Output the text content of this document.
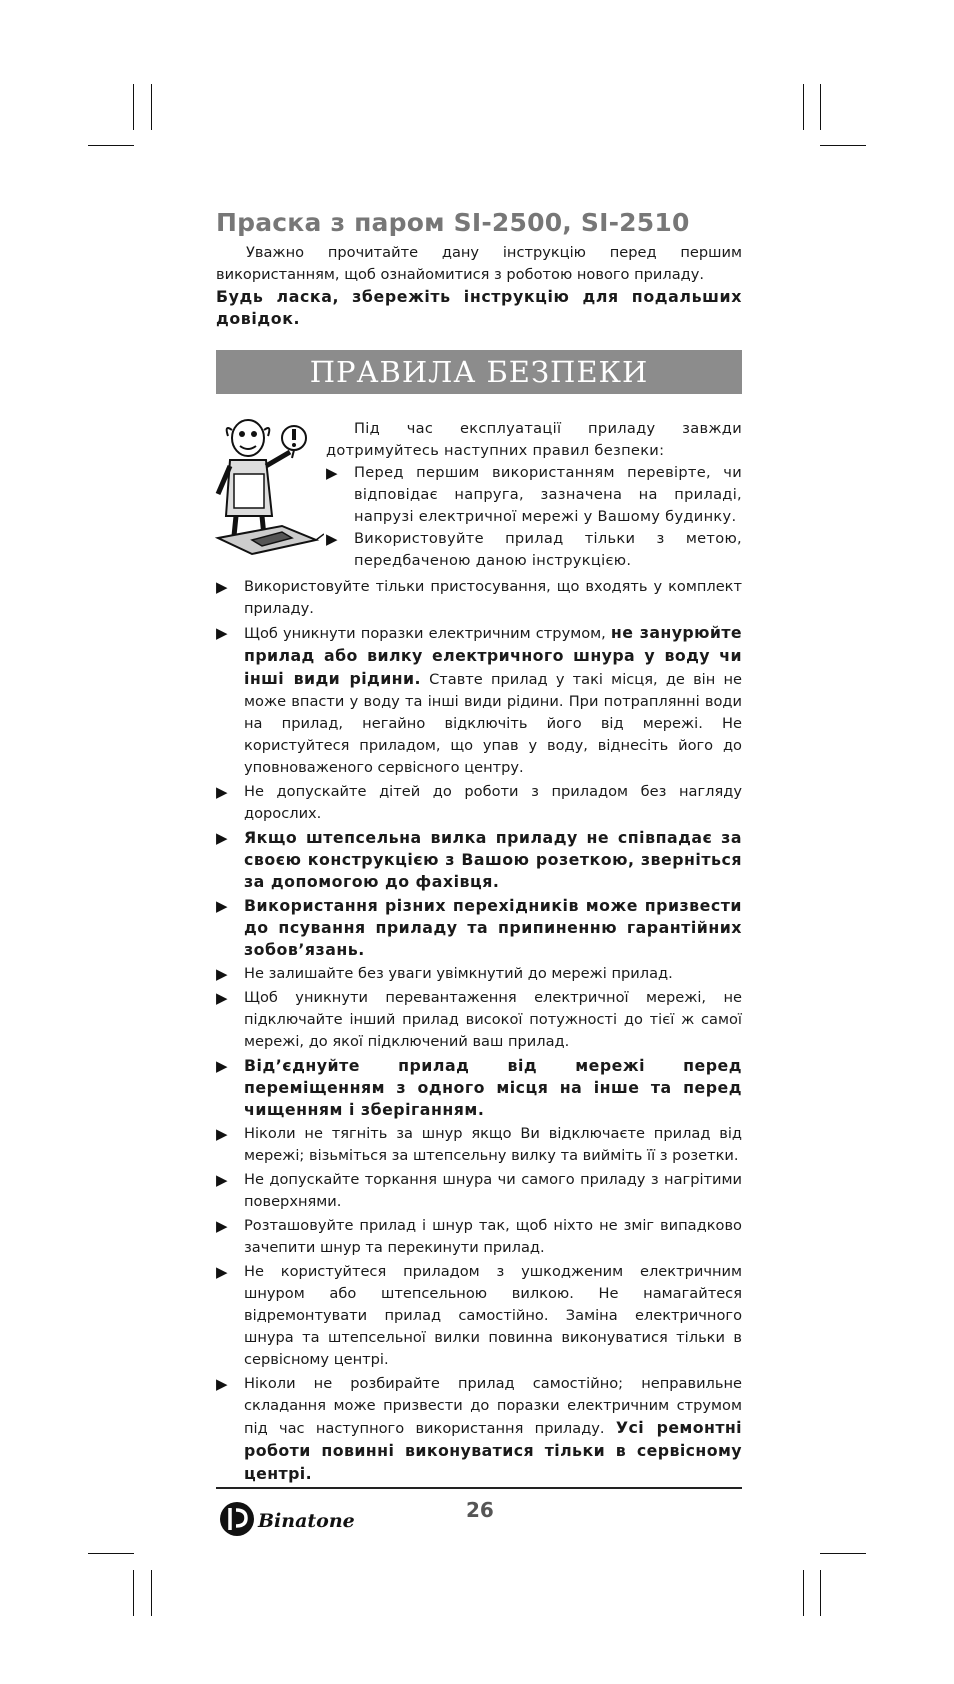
Праска з паром SI-2500, SI-2510

Уважно прочитайте дану інструкцію перед першим використанням, щоб ознайомитися з роботою нового приладу.

Будь ласка, збережіть інструкцію для подальших довідок.

ПРАВИЛА БЕЗПЕКИ

Під час експлуатації приладу завжди дотримуйтесь наступних правил безпеки:

▶ Перед першим використанням перевірте, чи відповідає напруга, зазначена на приладі, напрузі електричної мережі у Вашому будинку.
▶ Використовуйте прилад тільки з метою, передбаченою даною інструкцією.
▶ Використовуйте тільки пристосування, що входять у комплект приладу.
▶ Щоб уникнути поразки електричним струмом, не занурюйте прилад або вилку електричного шнура у воду чи інші види рідини. Ставте прилад у такі місця, де він не може впасти у воду та інші види рідини. При потраплянні води на прилад, негайно відключіть його від мережі. Не користуйтеся приладом, що упав у воду, віднесіть його до уповноваженого сервісного центру.
▶ Не допускайте дітей до роботи з приладом без нагляду дорослих.
▶ Якщо штепсельна вилка приладу не співпадає за своєю конструкцією з Вашою розеткою, зверніться за допомогою до фахівця.
▶ Використання різних перехідників може призвести до псування приладу та припиненню гарантійних зобов’язань.
▶ Не залишайте без уваги увімкнутий до мережі прилад.
▶ Щоб уникнути перевантаження електричної мережі, не підключайте інший прилад високої потужності до тієї ж самої мережі, до якої підключений ваш прилад.
▶ Від’єднуйте прилад від мережі перед переміщенням з одного місця на інше та перед чищенням і зберіганням.
▶ Ніколи не тягніть за шнур якщо Ви відключаєте прилад від мережі; візьміться за штепсельну вилку та вийміть її з розетки.
▶ Не допускайте торкання шнура чи самого приладу з нагрітими поверхнями.
▶ Розташовуйте прилад і шнур так, щоб ніхто не зміг випадково зачепити шнур та перекинути прилад.
▶ Не користуйтеся приладом з ушкодженим електричним шнуром або штепсельною вилкою. Не намагайтеся відремонтувати прилад самостійно. Заміна електричного шнура та штепсельної вилки повинна виконуватися тільки в сервісному центрі.
▶ Ніколи не розбирайте прилад самостійно; неправильне складання може призвести до поразки електричним струмом під час наступного використання приладу. Усі ремонтні роботи повинні виконуватися тільки в сервісному центрі.
Binatone	26
